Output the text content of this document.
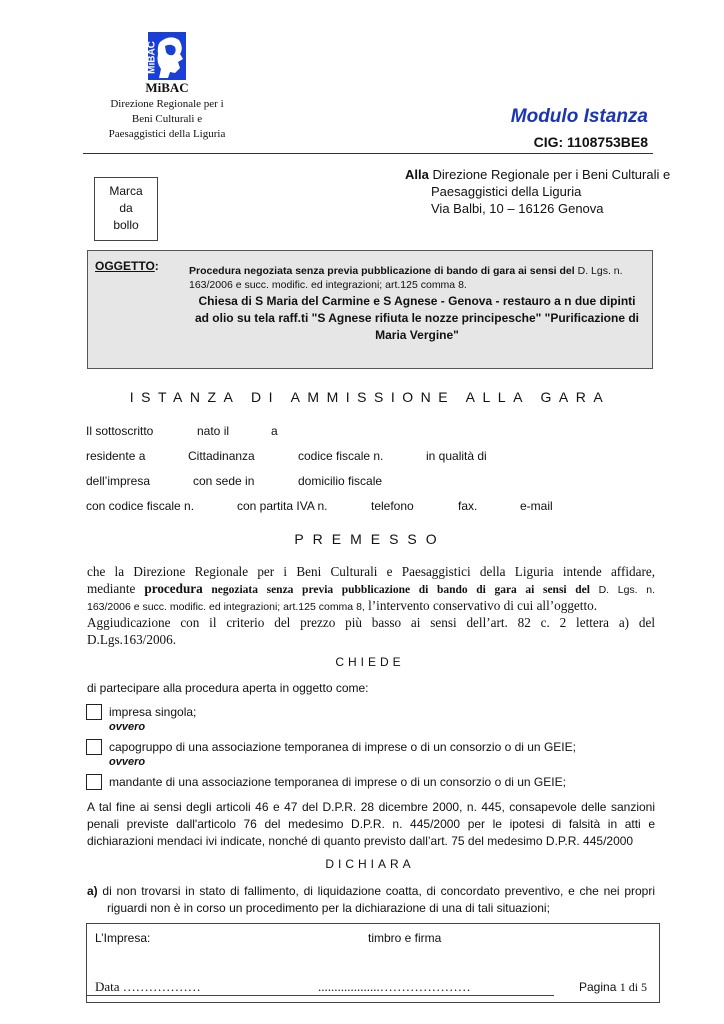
MiBAC
MiBAC
Direzione Regionale per i
Beni Culturali e
Paesaggistici della Liguria
Modulo Istanza
CIG: 1108753BE8
Marca
da
bollo
Alla Direzione Regionale per i Beni Culturali e
Paesaggistici della Liguria
Via Balbi, 10 – 16126 Genova
OGGETTO:	Procedura negoziata senza previa pubblicazione di bando di gara ai sensi del D. Lgs. n.
163/2006 e succ. modific. ed integrazioni; art.125 comma 8.
Chiesa di S Maria del Carmine e S Agnese - Genova - restauro a n due dipinti
ad olio su tela raff.ti "S Agnese rifiuta le nozze principesche" "Purificazione di
Maria Vergine"
ISTANZA DI AMMISSIONE ALLA GARA
Il sottoscritto	nato il	a
residente a	Cittadinanza	codice fiscale n.	in qualità di
dell’impresa	con sede in	domicilio fiscale
con codice fiscale n.	con partita IVA n.	telefono	fax.	e-mail
PREMESSO
che la Direzione Regionale per i Beni Culturali e Paesaggistici della Liguria intende affidare,
mediante procedura negoziata senza previa pubblicazione di bando di gara ai sensi del D. Lgs. n.
163/2006 e succ. modific. ed integrazioni; art.125 comma 8, l’intervento conservativo di cui all’oggetto.
Aggiudicazione con il criterio del prezzo più basso ai sensi dell’art. 82 c. 2 lettera a) del
D.Lgs.163/2006.
CHIEDE
di partecipare alla procedura aperta in oggetto come:
impresa singola;
ovvero
capogruppo di una associazione temporanea di imprese o di un consorzio o di un GEIE;
ovvero
mandante di una associazione temporanea di imprese o di un consorzio o di un GEIE;
A tal fine ai sensi degli articoli 46 e 47 del D.P.R. 28 dicembre 2000, n. 445, consapevole delle sanzioni
penali previste dall'articolo 76 del medesimo D.P.R. n. 445/2000 per le ipotesi di falsità in atti e
dichiarazioni mendaci ivi indicate, nonché di quanto previsto dall’art. 75 del medesimo D.P.R. 445/2000
DICHIARA
a) di non trovarsi in stato di fallimento, di liquidazione coatta, di concordato preventivo, e che nei propri
riguardi non è in corso un procedimento per la dichiarazione di una di tali situazioni;
L’Impresa:	timbro e firma
Data ………………	...................…………………	Pagina 1 di 5
